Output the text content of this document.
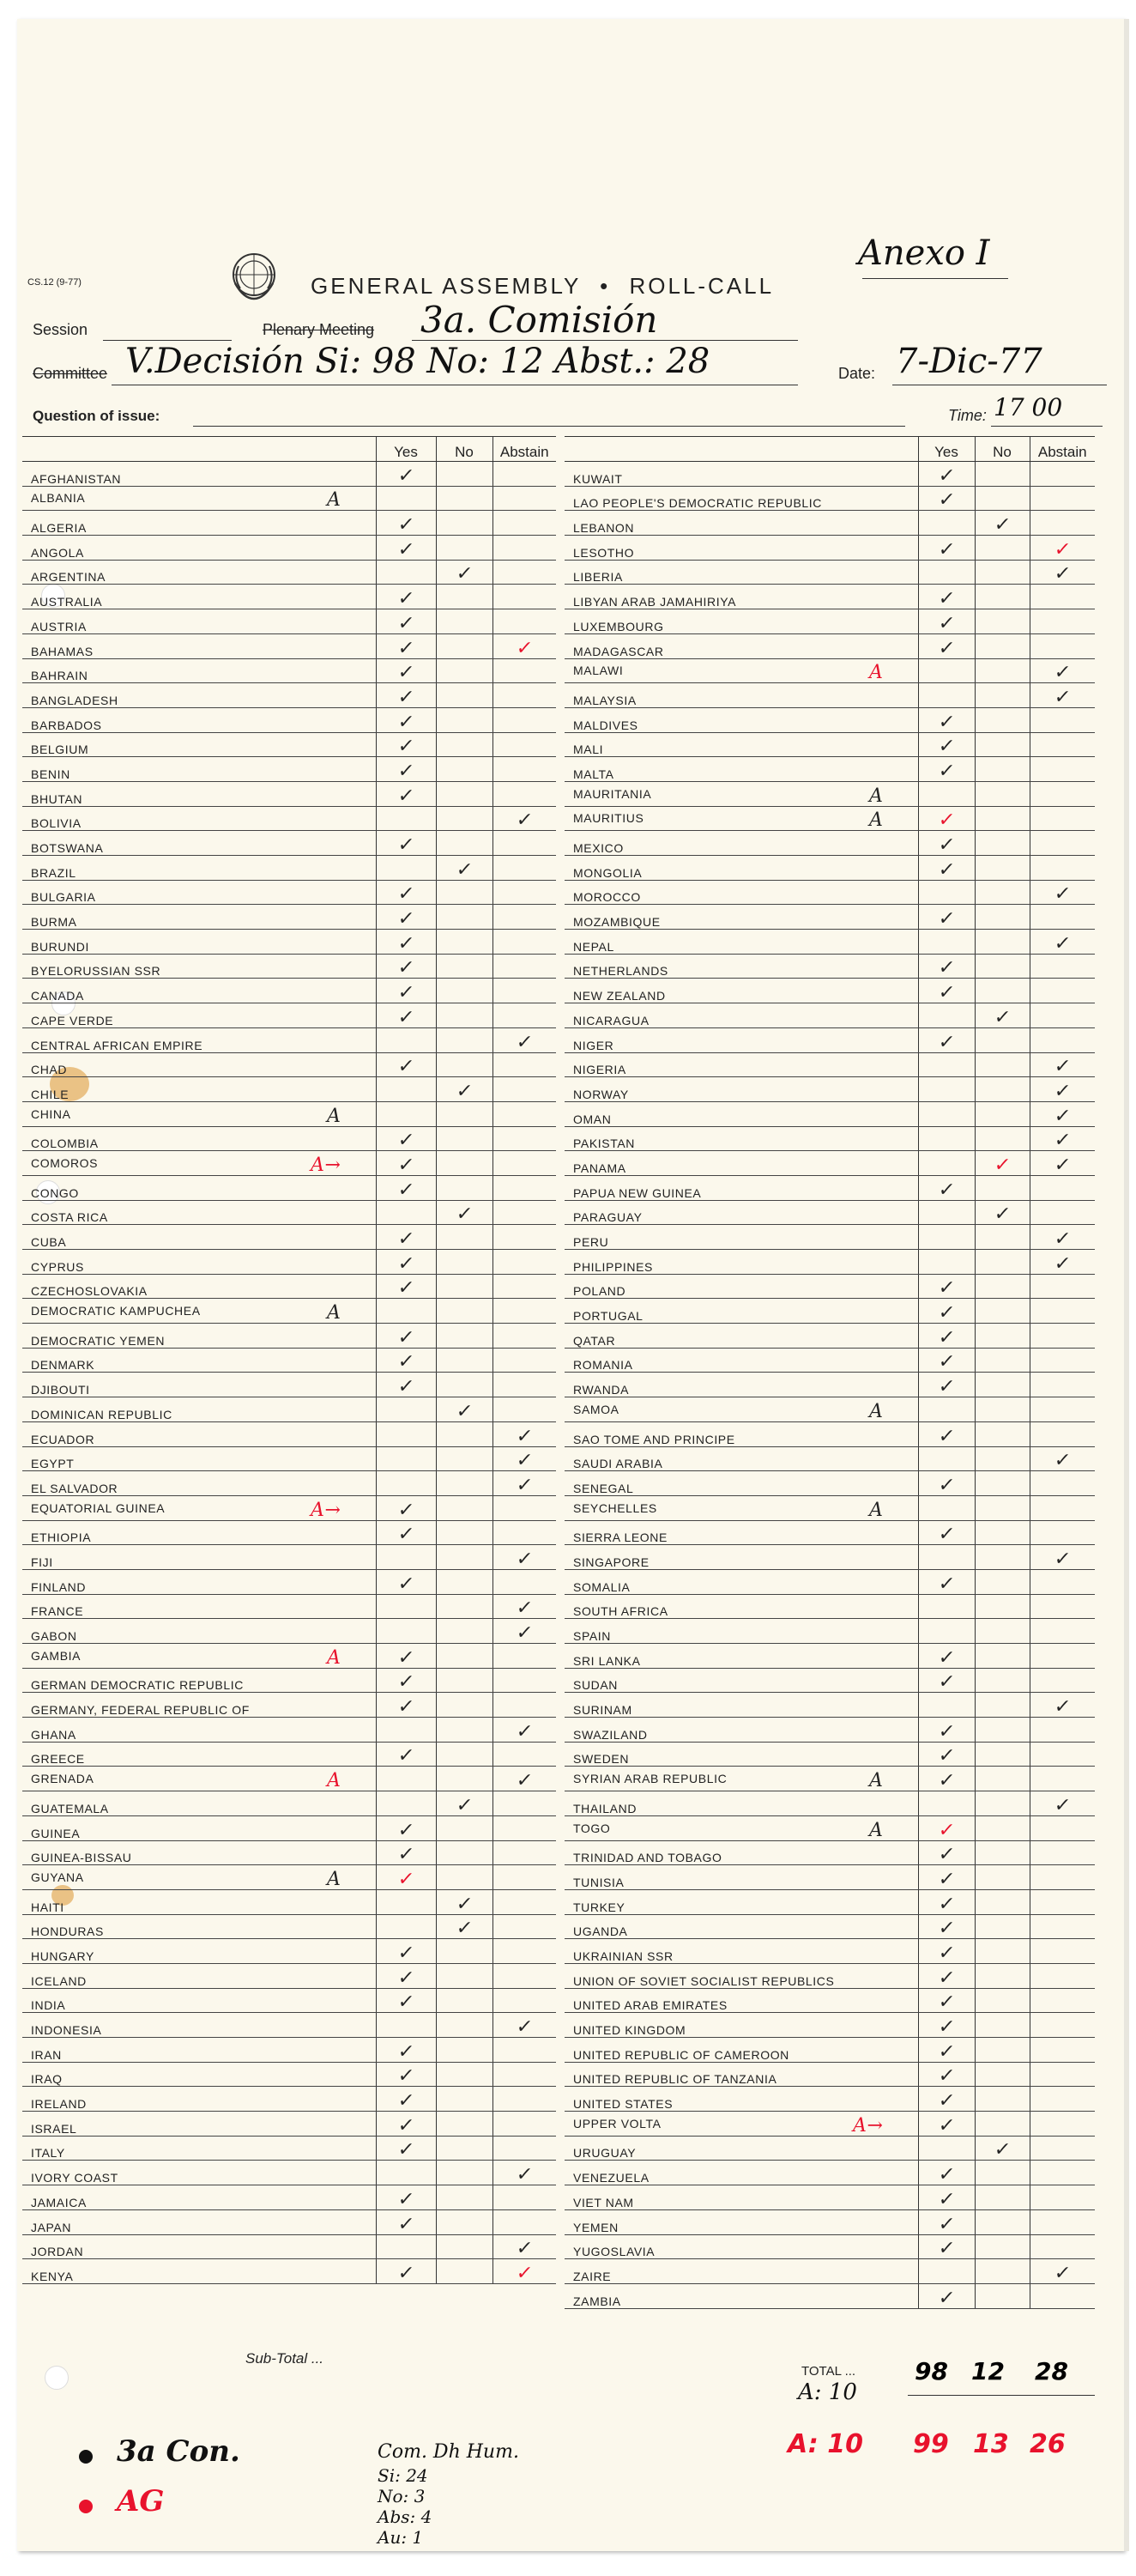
CS.12 (9-77)	GENERAL ASSEMBLY • ROLL-CALL
Anexo I
Session	Plenary Meeting 3a. Comisión
Committee V.Decisión Si: 98 No: 12 Abst.: 28	Date: 7-Dic-77
Question of issue:	Time: 17 00
	Yes	No	Abstain
AFGHANISTAN	✓		
ALBANIA A			

ALGERIA	✓		
ANGOLA	✓		
ARGENTINA		✓	
AUSTRALIA	✓		
AUSTRIA	✓		
BAHAMAS	✓		✓
BAHRAIN	✓		
BANGLADESH	✓		
BARBADOS	✓		
BELGIUM	✓		
BENIN	✓		
BHUTAN	✓		
BOLIVIA			✓
BOTSWANA	✓		
BRAZIL		✓	
BULGARIA	✓		
BURMA	✓		
BURUNDI	✓		
BYELORUSSIAN SSR	✓		
CANADA	✓		
CAPE VERDE	✓		
CENTRAL AFRICAN EMPIRE			✓
CHAD	✓		
CHILE		✓	
CHINA A			

COLOMBIA	✓		
COMOROS A→	✓		
CONGO	✓		
COSTA RICA		✓	
CUBA	✓		
CYPRUS	✓		
CZECHOSLOVAKIA	✓		
DEMOCRATIC KAMPUCHEA A			

DEMOCRATIC YEMEN	✓		
DENMARK	✓		
DJIBOUTI	✓		
DOMINICAN REPUBLIC		✓	
ECUADOR			✓
EGYPT			✓
EL SALVADOR			✓
EQUATORIAL GUINEA A→	✓		
ETHIOPIA	✓		
FIJI			✓
FINLAND	✓		
FRANCE			✓
GABON			✓
GAMBIA A	✓		
GERMAN DEMOCRATIC REPUBLIC	✓		
GERMANY, FEDERAL REPUBLIC OF	✓		
GHANA			✓
GREECE	✓		
GRENADA A			✓
GUATEMALA		✓	
GUINEA	✓		
GUINEA-BISSAU	✓		
GUYANA A	✓		
HAITI		✓	
HONDURAS		✓	
HUNGARY	✓		
ICELAND	✓		
INDIA	✓		
INDONESIA			✓
IRAN	✓		
IRAQ	✓		
IRELAND	✓		
ISRAEL	✓		
ITALY	✓		
IVORY COAST			✓
JAMAICA	✓		
JAPAN	✓		
JORDAN			✓
KENYA	✓		✓
	Yes	No	Abstain
KUWAIT	✓		
LAO PEOPLE'S DEMOCRATIC REPUBLIC	✓		
LEBANON		✓	
LESOTHO	✓		✓
LIBERIA			✓
LIBYAN ARAB JAMAHIRIYA	✓		
LUXEMBOURG	✓		
MADAGASCAR	✓		
MALAWI A			✓
MALAYSIA			✓
MALDIVES	✓		
MALI	✓		
MALTA	✓		
MAURITANIA A			

MAURITIUS A	✓		
MEXICO	✓		
MONGOLIA	✓		
MOROCCO			✓
MOZAMBIQUE	✓		
NEPAL			✓
NETHERLANDS	✓		
NEW ZEALAND	✓		
NICARAGUA		✓	
NIGER	✓		
NIGERIA			✓
NORWAY			✓
OMAN			✓
PAKISTAN			✓
PANAMA		✓	✓
PAPUA NEW GUINEA	✓		
PARAGUAY		✓	
PERU			✓
PHILIPPINES			✓
POLAND	✓		
PORTUGAL	✓		
QATAR	✓		
ROMANIA	✓		
RWANDA	✓		
SAMOA A			

SAO TOME AND PRINCIPE	✓		
SAUDI ARABIA			✓
SENEGAL	✓		
SEYCHELLES A			

SIERRA LEONE	✓		
SINGAPORE			✓
SOMALIA	✓		
SOUTH AFRICA			
SPAIN			
SRI LANKA	✓		
SUDAN	✓		
SURINAM			✓
SWAZILAND	✓		
SWEDEN	✓		
SYRIAN ARAB REPUBLIC A	✓		
THAILAND			✓
TOGO A	✓		
TRINIDAD AND TOBAGO	✓		
TUNISIA	✓		
TURKEY	✓		
UGANDA	✓		
UKRAINIAN SSR	✓		
UNION OF SOVIET SOCIALIST REPUBLICS	✓		
UNITED ARAB EMIRATES	✓		
UNITED KINGDOM	✓		
UNITED REPUBLIC OF CAMEROON	✓		
UNITED REPUBLIC OF TANZANIA	✓		
UNITED STATES	✓		
UPPER VOLTA A→	✓		
URUGUAY		✓	
VENEZUELA	✓		
VIET NAM	✓		
YEMEN	✓		
YUGOSLAVIA	✓		
ZAIRE			✓
ZAMBIA	✓		
Sub-Total ...
TOTAL ...
A: 10
98 12 28
A: 10 99 13 26
3a Con.
AG
Com. Dh Hum.
Si: 24
No: 3
Abs: 4
Au: 1
